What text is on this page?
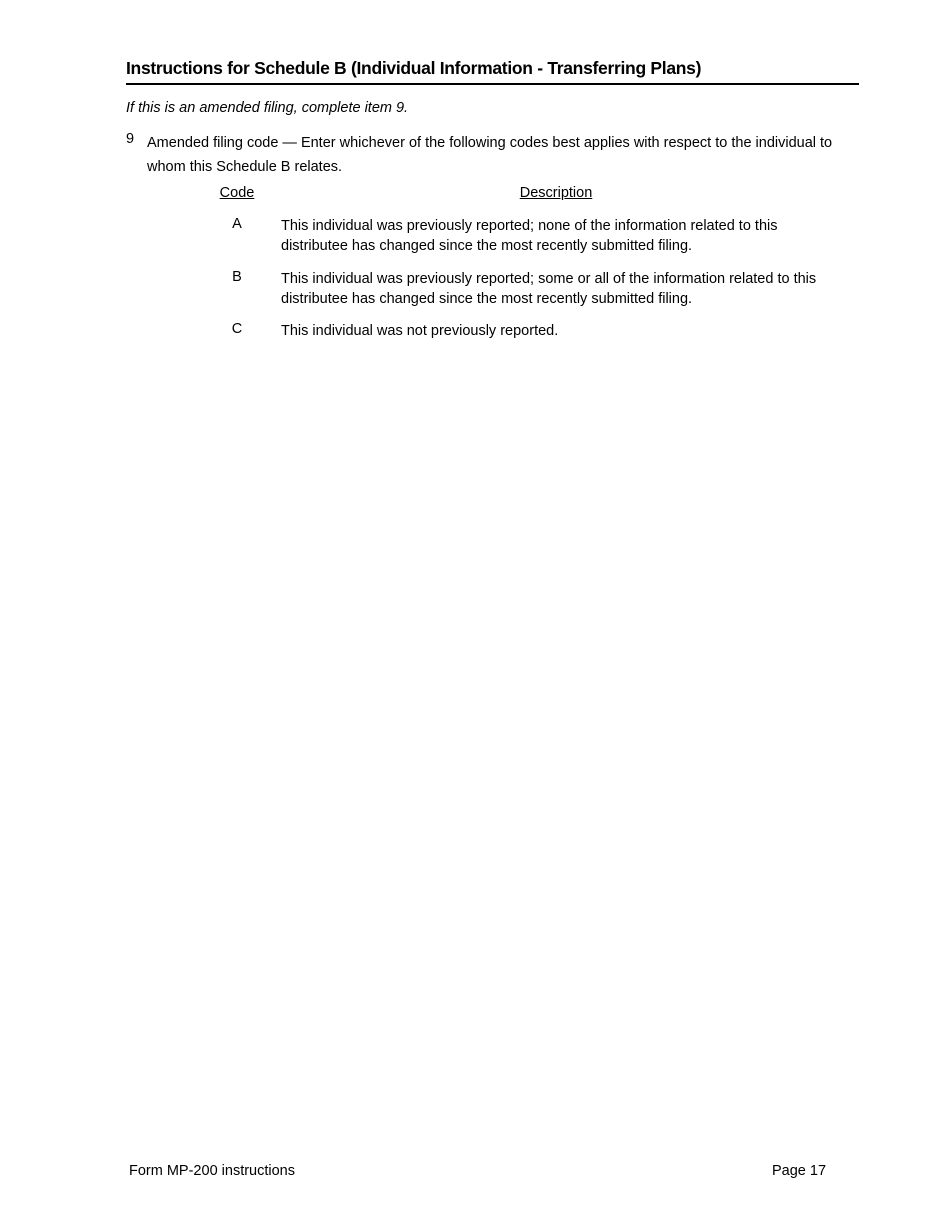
Instructions for Schedule B (Individual Information - Transferring Plans)
If this is an amended filing, complete item 9.
9 Amended filing code — Enter whichever of the following codes best applies with respect to the individual to whom this Schedule B relates.
Code	Description
A	This individual was previously reported; none of the information related to this distributee has changed since the most recently submitted filing.
B	This individual was previously reported; some or all of the information related to this distributee has changed since the most recently submitted filing.
C	This individual was not previously reported.
Form MP-200 instructions	Page 17
